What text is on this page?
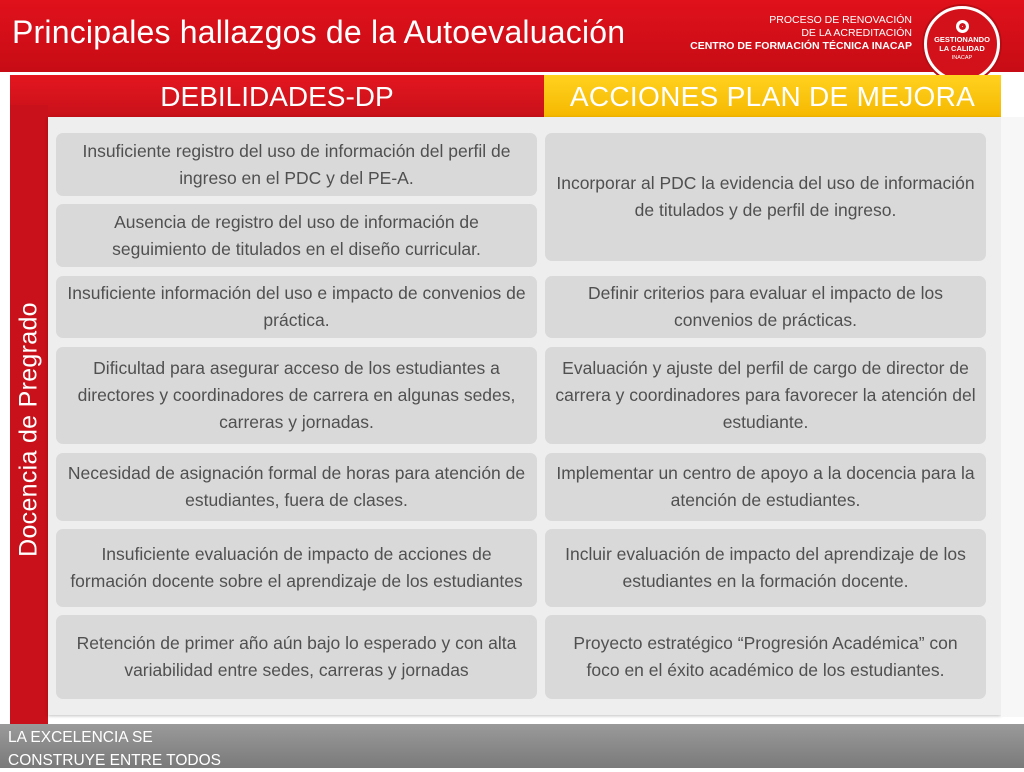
Principales hallazgos de la Autoevaluación	PROCESO DE RENOVACIÓN
DE LA ACREDITACIÓN
CENTRO DE FORMACIÓN TÉCNICA INACAP
GESTIONANDO
LA CALIDAD
INACAP
DEBILIDADES-DP	ACCIONES PLAN DE MEJORA
Docencia de Pregrado
Insuficiente registro del uso de información del perfil de ingreso en el PDC y del PE-A.
Ausencia de registro del uso de información de seguimiento de titulados en el diseño curricular.
Insuficiente información del uso e impacto de convenios de práctica.
Dificultad para asegurar acceso de los estudiantes a directores y coordinadores de carrera en algunas sedes, carreras y jornadas.
Necesidad de asignación formal de horas para atención de estudiantes, fuera de clases.
Insuficiente evaluación de impacto de acciones de formación docente sobre el aprendizaje de los estudiantes
Retención de primer año aún bajo lo esperado y con alta variabilidad entre sedes, carreras y jornadas
Incorporar al PDC la evidencia del uso de información de titulados y de perfil de ingreso.
Definir criterios para evaluar el impacto de los convenios de prácticas.
Evaluación y ajuste del perfil de cargo de director de carrera y coordinadores para favorecer la atención del estudiante.
Implementar un centro de apoyo a la docencia para la atención de estudiantes.
Incluir evaluación de impacto del aprendizaje de los estudiantes en la formación docente.
Proyecto estratégico “Progresión Académica” con foco en el éxito académico de los estudiantes.
LA EXCELENCIA SE
CONSTRUYE ENTRE TODOS
